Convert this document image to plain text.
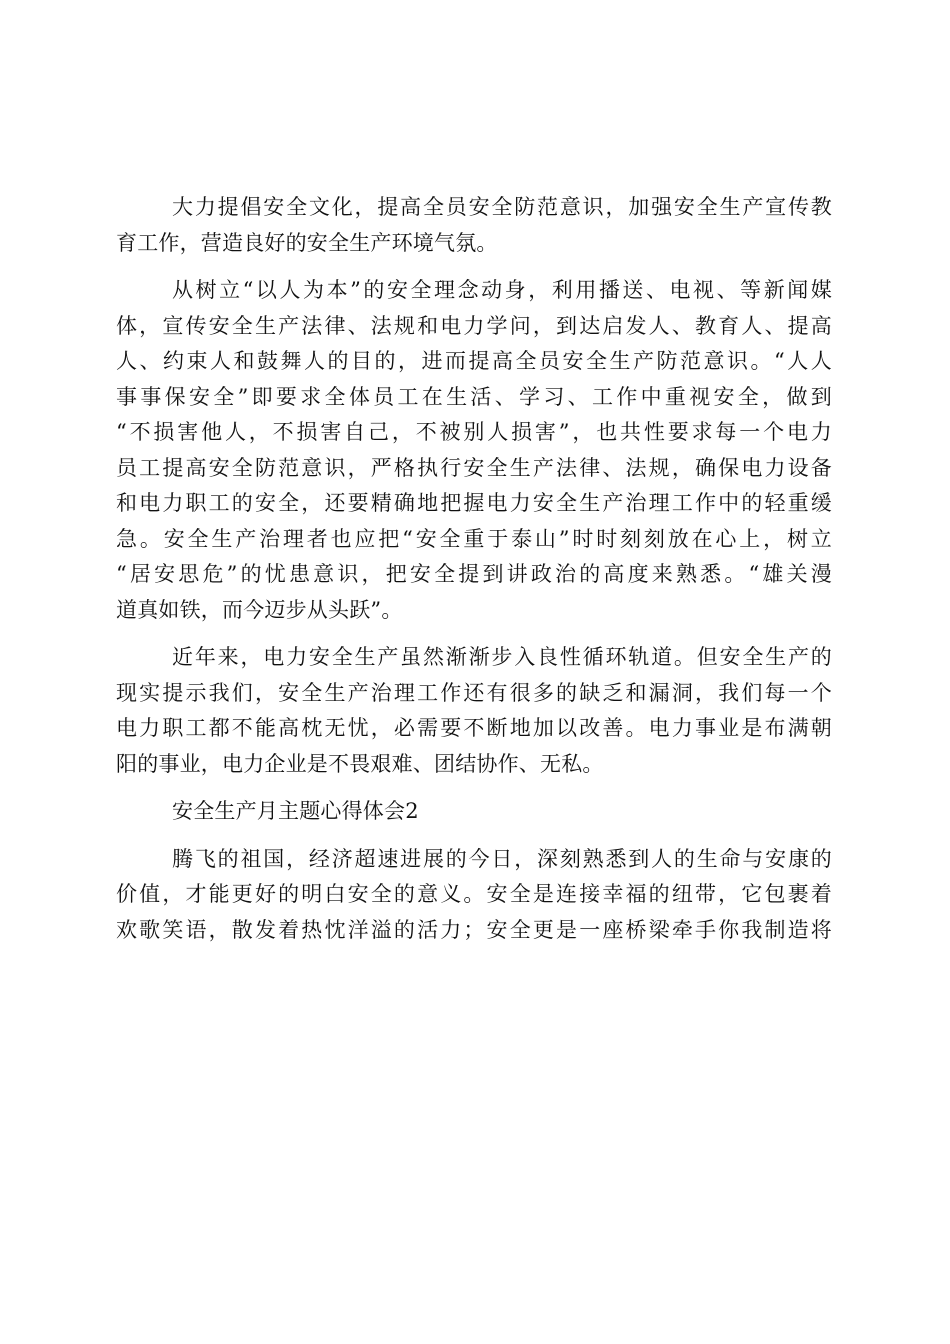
大力提倡安全文化，提高全员安全防范意识，加强安全生产宣传教
育工作，营造良好的安全生产环境气氛。
从树立“以人为本”的安全理念动身，利用播送、电视、等新闻媒
体，宣传安全生产法律、法规和电力学问，到达启发人、教育人、提高
人、约束人和鼓舞人的目的，进而提高全员安全生产防范意识。“人人
事事保安全”即要求全体员工在生活、学习、工作中重视安全，做到
“不损害他人，不损害自己，不被别人损害”，也共性要求每一个电力
员工提高安全防范意识，严格执行安全生产法律、法规，确保电力设备
和电力职工的安全，还要精确地把握电力安全生产治理工作中的轻重缓
急。安全生产治理者也应把“安全重于泰山”时时刻刻放在心上，树立
“居安思危”的忧患意识，把安全提到讲政治的高度来熟悉。“雄关漫
道真如铁，而今迈步从头跃”。
近年来，电力安全生产虽然渐渐步入良性循环轨道。但安全生产的
现实提示我们，安全生产治理工作还有很多的缺乏和漏洞，我们每一个
电力职工都不能高枕无忧，必需要不断地加以改善。电力事业是布满朝
阳的事业，电力企业是不畏艰难、团结协作、无私。
安全生产月主题心得体会2
腾飞的祖国，经济超速进展的今日，深刻熟悉到人的生命与安康的
价值，才能更好的明白安全的意义。安全是连接幸福的纽带，它包裹着
欢歌笑语，散发着热忱洋溢的活力；安全更是一座桥梁牵手你我制造将
